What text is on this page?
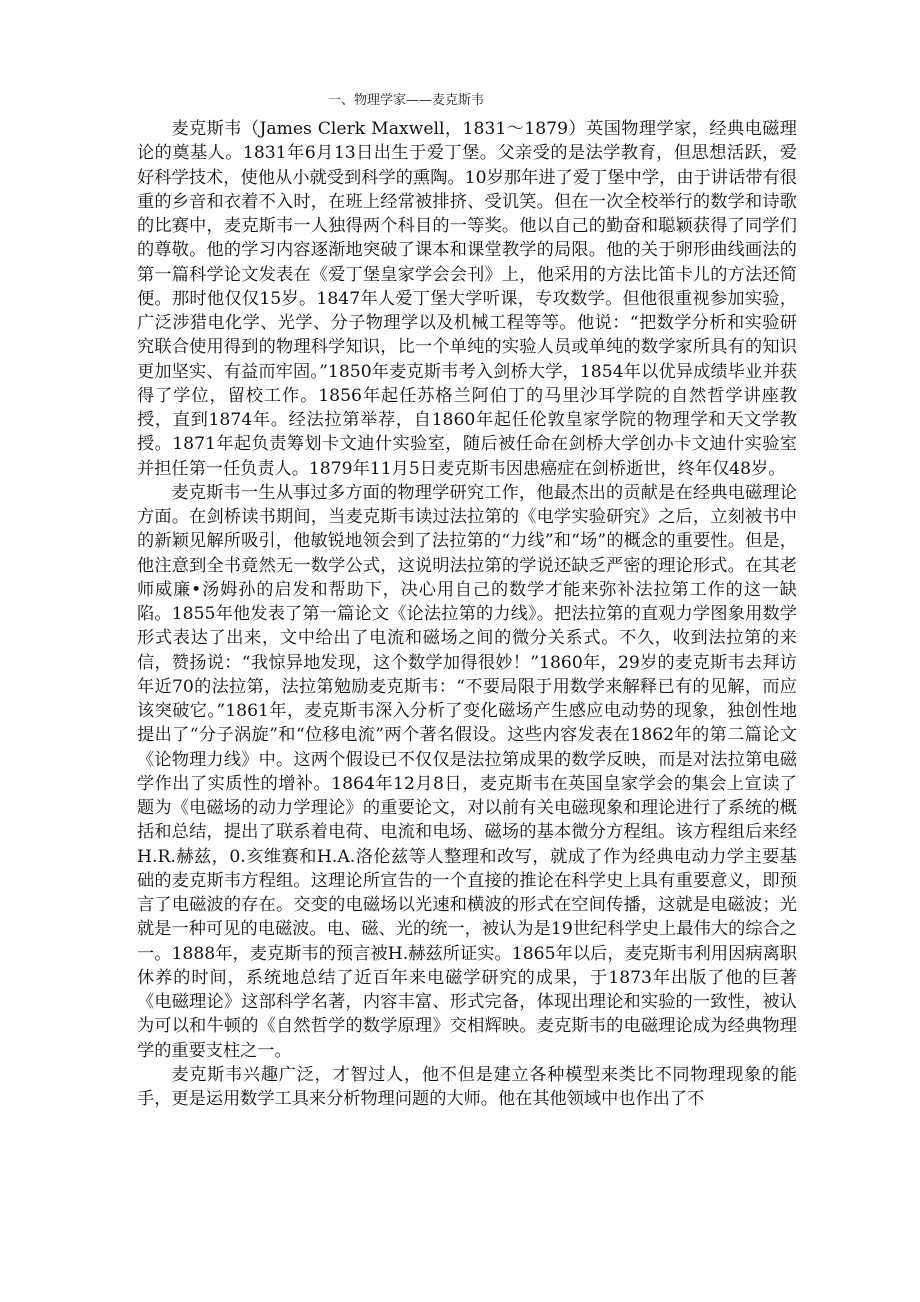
一、物理学家——麦克斯韦

麦克斯韦（James Clerk Maxwell，1831～1879）英国物理学家，经典电磁理论的奠基人。1831年6月13日出生于爱丁堡。父亲受的是法学教育，但思想活跃，爱好科学技术，使他从小就受到科学的熏陶。10岁那年进了爱丁堡中学，由于讲话带有很重的乡音和衣着不入时，在班上经常被排挤、受讥笑。但在一次全校举行的数学和诗歌的比赛中，麦克斯韦一人独得两个科目的一等奖。他以自己的勤奋和聪颖获得了同学们的尊敬。他的学习内容逐渐地突破了课本和课堂教学的局限。他的关于卵形曲线画法的第一篇科学论文发表在《爱丁堡皇家学会会刊》上，他采用的方法比笛卡儿的方法还简便。那时他仅仅15岁。1847年人爱丁堡大学听课，专攻数学。但他很重视参加实验，广泛涉猎电化学、光学、分子物理学以及机械工程等等。他说：“把数学分析和实验研究联合使用得到的物理科学知识，比一个单纯的实验人员或单纯的数学家所具有的知识更加坚实、有益而牢固。”1850年麦克斯韦考入剑桥大学，1854年以优异成绩毕业并获得了学位，留校工作。1856年起任苏格兰阿伯丁的马里沙耳学院的自然哲学讲座教授，直到1874年。经法拉第举荐，自1860年起任伦敦皇家学院的物理学和天文学教授。1871年起负责筹划卡文迪什实验室，随后被任命在剑桥大学创办卡文迪什实验室并担任第一任负责人。1879年11月5日麦克斯韦因患癌症在剑桥逝世，终年仅48岁。

麦克斯韦一生从事过多方面的物理学研究工作，他最杰出的贡献是在经典电磁理论方面。在剑桥读书期间，当麦克斯韦读过法拉第的《电学实验研究》之后，立刻被书中的新颖见解所吸引，他敏锐地领会到了法拉第的“力线”和“场”的概念的重要性。但是，他注意到全书竟然无一数学公式，这说明法拉第的学说还缺乏严密的理论形式。在其老师威廉•汤姆孙的启发和帮助下，决心用自己的数学才能来弥补法拉第工作的这一缺陷。1855年他发表了第一篇论文《论法拉第的力线》。把法拉第的直观力学图象用数学形式表达了出来，文中给出了电流和磁场之间的微分关系式。不久，收到法拉第的来信，赞扬说：“我惊异地发现，这个数学加得很妙！”1860年，29岁的麦克斯韦去拜访年近70的法拉第，法拉第勉励麦克斯韦：“不要局限于用数学来解释已有的见解，而应该突破它。”1861年，麦克斯韦深入分析了变化磁场产生感应电动势的现象，独创性地提出了“分子涡旋”和“位移电流”两个著名假设。这些内容发表在1862年的第二篇论文《论物理力线》中。这两个假设已不仅仅是法拉第成果的数学反映，而是对法拉第电磁学作出了实质性的增补。1864年12月8日，麦克斯韦在英国皇家学会的集会上宣读了题为《电磁场的动力学理论》的重要论文，对以前有关电磁现象和理论进行了系统的概括和总结，提出了联系着电荷、电流和电场、磁场的基本微分方程组。该方程组后来经H.R.赫兹，0.亥维赛和H.A.洛伦兹等人整理和改写，就成了作为经典电动力学主要基础的麦克斯韦方程组。这理论所宣告的一个直接的推论在科学史上具有重要意义，即预言了电磁波的存在。交变的电磁场以光速和横波的形式在空间传播，这就是电磁波；光就是一种可见的电磁波。电、磁、光的统一，被认为是19世纪科学史上最伟大的综合之一。1888年，麦克斯韦的预言被H.赫兹所证实。1865年以后，麦克斯韦利用因病离职休养的时间，系统地总结了近百年来电磁学研究的成果，于1873年出版了他的巨著《电磁理论》这部科学名著，内容丰富、形式完备，体现出理论和实验的一致性，被认为可以和牛顿的《自然哲学的数学原理》交相辉映。麦克斯韦的电磁理论成为经典物理学的重要支柱之一。

麦克斯韦兴趣广泛，才智过人，他不但是建立各种模型来类比不同物理现象的能手，更是运用数学工具来分析物理问题的大师。他在其他领域中也作出了不
